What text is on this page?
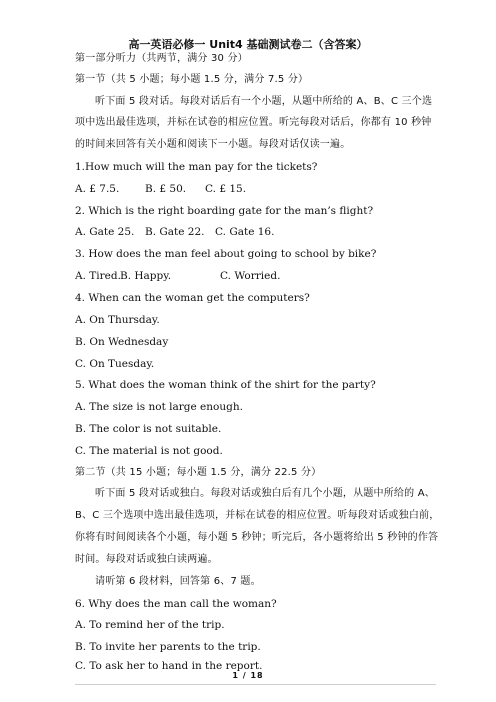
高一英语必修一 Unit4 基础测试卷二（含答案）
第一部分听力（共两节，满分 30 分）
第一节（共 5 小题；每小题 1.5 分，满分 7.5 分）
听下面 5 段对话。每段对话后有一个小题，从题中所给的 A、B、C 三个选
项中选出最佳选项，并标在试卷的相应位置。听完每段对话后，你都有 10 秒钟
的时间来回答有关小题和阅读下一小题。每段对话仅读一遍。
1.How much will the man pay for the tickets?
A. £ 7.5.	B. £ 50.	C. £ 15.
2. Which is the right boarding gate for the man’s flight?
A. Gate 25.	B. Gate 22. C. Gate 16.
3. How does the man feel about going to school by bike?
A. Tired. B. Happy.	C. Worried.
4. When can the woman get the computers?
A. On Thursday.
B. On Wednesday
C. On Tuesday.
5. What does the woman think of the shirt for the party?
A. The size is not large enough.
B. The color is not suitable.
C. The material is not good.
第二节（共 15 小题；每小题 1.5 分，满分 22.5 分）
听下面 5 段对话或独白。每段对话或独白后有几个小题，从题中所给的 A、
B、C 三个选项中选出最佳选项，并标在试卷的相应位置。听每段对话或独白前，
你将有时间阅读各个小题，每小题 5 秒钟；听完后，各小题将给出 5 秒钟的作答
时间。每段对话或独白读两遍。
请听第 6 段材料，回答第 6、7 题。
6. Why does the man call the woman?
A. To remind her of the trip.
B. To invite her parents to the trip.
C. To ask her to hand in the report.
1 / 18
